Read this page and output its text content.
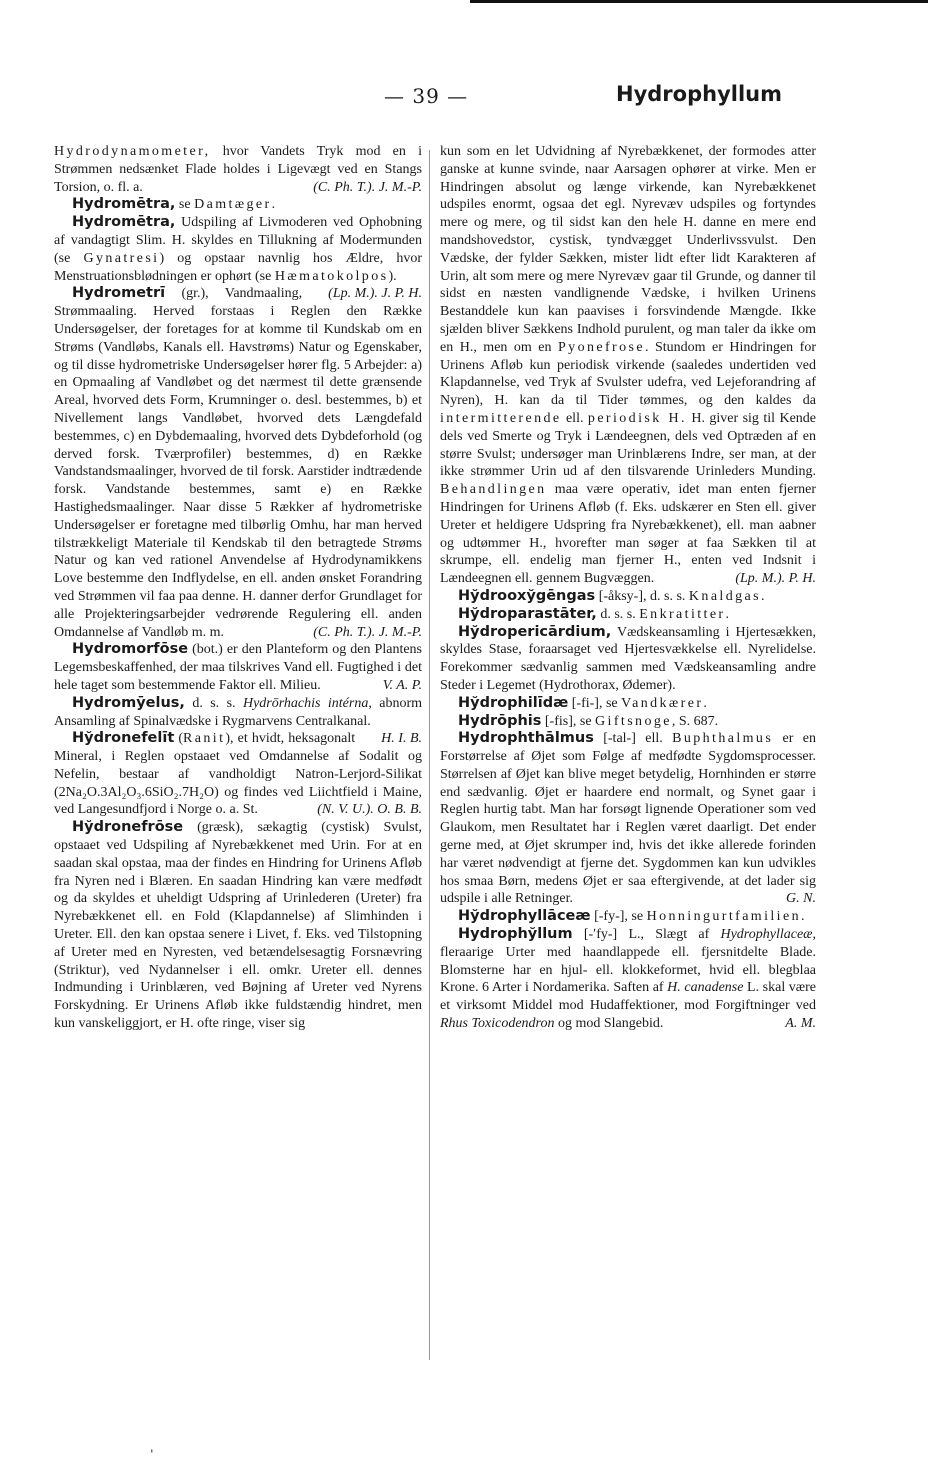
— 39 —	Hydrophyllum

Hydrodynamometer, hvor Vandets Tryk mod en i Strømmen nedsænket Flade holdes i Ligevægt ved en Stangs Torsion, o. fl. a.	(C. Ph. T.). J. M.-P.

Hydromētra, se Damtæger.

Hydromētra, Udspiling af Livmoderen ved Ophobning af vandagtigt Slim. H. skyldes en Tillukning af Modermunden (se Gynatresi) og opstaar navnlig hos Ældre, hvor Menstruationsblødningen er ophørt (se Hæmatokolpos).
(Lp. M.). J. P. H.

Hydrometrī (gr.), Vandmaaling, Strømmaaling. Herved forstaas i Reglen den Række Undersøgelser, der foretages for at komme til Kundskab om en Strøms (Vandløbs, Kanals ell. Havstrøms) Natur og Egenskaber, og til disse hydrometriske Undersøgelser hører flg. 5 Arbejder: a) en Opmaaling af Vandløbet og det nærmest til dette grænsende Areal, hvorved dets Form, Krumninger o. desl. bestemmes, b) et Nivellement langs Vandløbet, hvorved dets Længdefald bestemmes, c) en Dybdemaaling, hvorved dets Dybdeforhold (og derved forsk. Tværprofiler) bestemmes, d) en Række Vandstandsmaalinger, hvorved de til forsk. Aarstider indtrædende forsk. Vandstande bestemmes, samt e) en Række Hastighedsmaalinger. Naar disse 5 Rækker af hydrometriske Undersøgelser er foretagne med tilbørlig Omhu, har man herved tilstrækkeligt Materiale til Kendskab til den betragtede Strøms Natur og kan ved rationel Anvendelse af Hydrodynamikkens Love bestemme den Indflydelse, en ell. anden ønsket Forandring ved Strømmen vil faa paa denne. H. danner derfor Grundlaget for alle Projekteringsarbejder vedrørende Regulering ell. anden Omdannelse af Vandløb m. m.	(C. Ph. T.). J. M.-P.

Hydromorfōse (bot.) er den Planteform og den Plantens Legemsbeskaffenhed, der maa tilskrives Vand ell. Fugtighed i det hele taget som bestemmende Faktor ell. Milieu.	V. A. P.

Hydromȳelus, d. s. s. Hydrōrhachis intérna, abnorm Ansamling af Spinalvædske i Rygmarvens Centralkanal.
H. I. B.

Hy̆dronefelīt (Ranit), et hvidt, heksagonalt Mineral, i Reglen opstaaet ved Omdannelse af Sodalit og Nefelin, bestaar af vandholdigt Natron-Lerjord-Silikat (2Na₂O.3Al₂O₃.6SiO₂.7H₂O) og findes ved Liichtfield i Maine, ved Langesundfjord i Norge o. a. St.	(N. V. U.). O. B. B.

Hy̆dronefrōse (græsk), sækagtig (cystisk) Svulst, opstaaet ved Udspiling af Nyrebækkenet med Urin. For at en saadan skal opstaa, maa der findes en Hindring for Urinens Afløb fra Nyren ned i Blæren. En saadan Hindring kan være medfødt og da skyldes et uheldigt Udspring af Urinlederen (Ureter) fra Nyrebækkenet ell. en Fold (Klapdannelse) af Slimhinden i Ureter. Ell. den kan opstaa senere i Livet, f. Eks. ved Tilstopning af Ureter med en Nyresten, ved betændelsesagtig Forsnævring (Striktur), ved Nydannelser i ell. omkr. Ureter ell. dennes Indmunding i Urinblæren, ved Bøjning af Ureter ved Nyrens Forskydning. Er Urinens Afløb ikke fuldstændig hindret, men kun vanskeliggjort, er H. ofte ringe, viser sig

kun som en let Udvidning af Nyrebækkenet, der formodes atter ganske at kunne svinde, naar Aarsagen ophører at virke. Men er Hindringen absolut og længe virkende, kan Nyrebækkenet udspiles enormt, ogsaa det egl. Nyrevæv udspiles og fortyndes mere og mere, og til sidst kan den hele H. danne en mere end mandshovedstor, cystisk, tyndvægget Underlivssvulst. Den Vædske, der fylder Sækken, mister lidt efter lidt Karakteren af Urin, alt som mere og mere Nyrevæv gaar til Grunde, og danner til sidst en næsten vandlignende Vædske, i hvilken Urinens Bestanddele kun kan paavises i forsvindende Mængde. Ikke sjælden bliver Sækkens Indhold purulent, og man taler da ikke om en H., men om en Pyonefrose. Stundom er Hindringen for Urinens Afløb kun periodisk virkende (saaledes undertiden ved Klapdannelse, ved Tryk af Svulster udefra, ved Lejeforandring af Nyren), H. kan da til Tider tømmes, og den kaldes da intermitterende ell. periodisk H. H. giver sig til Kende dels ved Smerte og Tryk i Lændeegnen, dels ved Optræden af en større Svulst; undersøger man Urinblærens Indre, ser man, at der ikke strømmer Urin ud af den tilsvarende Urinleders Munding. Behandlingen maa være operativ, idet man enten fjerner Hindringen for Urinens Afløb (f. Eks. udskærer en Sten ell. giver Ureter et heldigere Udspring fra Nyrebækkenet), ell. man aabner og udtømmer H., hvorefter man søger at faa Sækken til at skrumpe, ell. endelig man fjerner H., enten ved Indsnit i Lændeegnen ell. gennem Bugvæggen.	(Lp. M.). P. H.

Hy̆drooxy̆gēngas [-åksy-], d. s. s. Knaldgas.

Hy̆droparastāter, d. s. s. Enkratitter.

Hy̆dropericārdium, Vædskeansamling i Hjertesækken, skyldes Stase, foraarsaget ved Hjertesvækkelse ell. Nyrelidelse. Forekommer sædvanlig sammen med Vædskeansamling andre Steder i Legemet (Hydrothorax, Ødemer).

Hy̆drophilīdæ [-fi-], se Vandkærer.

Hydrōphis [-fis], se Giftsnoge, S. 687.

Hydrophthālmus [-tal-] ell. Buphthalmus er en Forstørrelse af Øjet som Følge af medfødte Sygdomsprocesser. Størrelsen af Øjet kan blive meget betydelig, Hornhinden er større end sædvanlig. Øjet er haardere end normalt, og Synet gaar i Reglen hurtig tabt. Man har forsøgt lignende Operationer som ved Glaukom, men Resultatet har i Reglen været daarligt. Det ender gerne med, at Øjet skrumper ind, hvis det ikke allerede forinden har været nødvendigt at fjerne det. Sygdommen kan kun udvikles hos smaa Børn, medens Øjet er saa eftergivende, at det lader sig udspile i alle Retninger.	G. N.

Hy̆drophyllāceæ [-fy-], se Honningurtfamilien.

Hydrophy̆llum [-ʹfy-] L., Slægt af Hydrophyllaceæ, fleraarige Urter med haandlappede ell. fjersnitdelte Blade. Blomsterne har en hjul- ell. klokkeformet, hvid ell. blegblaa Krone. 6 Arter i Nordamerika. Saften af H. canadense L. skal være et virksomt Middel mod Hudaffektioner, mod Forgiftninger ved Rhus Toxicodendron og mod Slangebid.	A. M.

ˌ
